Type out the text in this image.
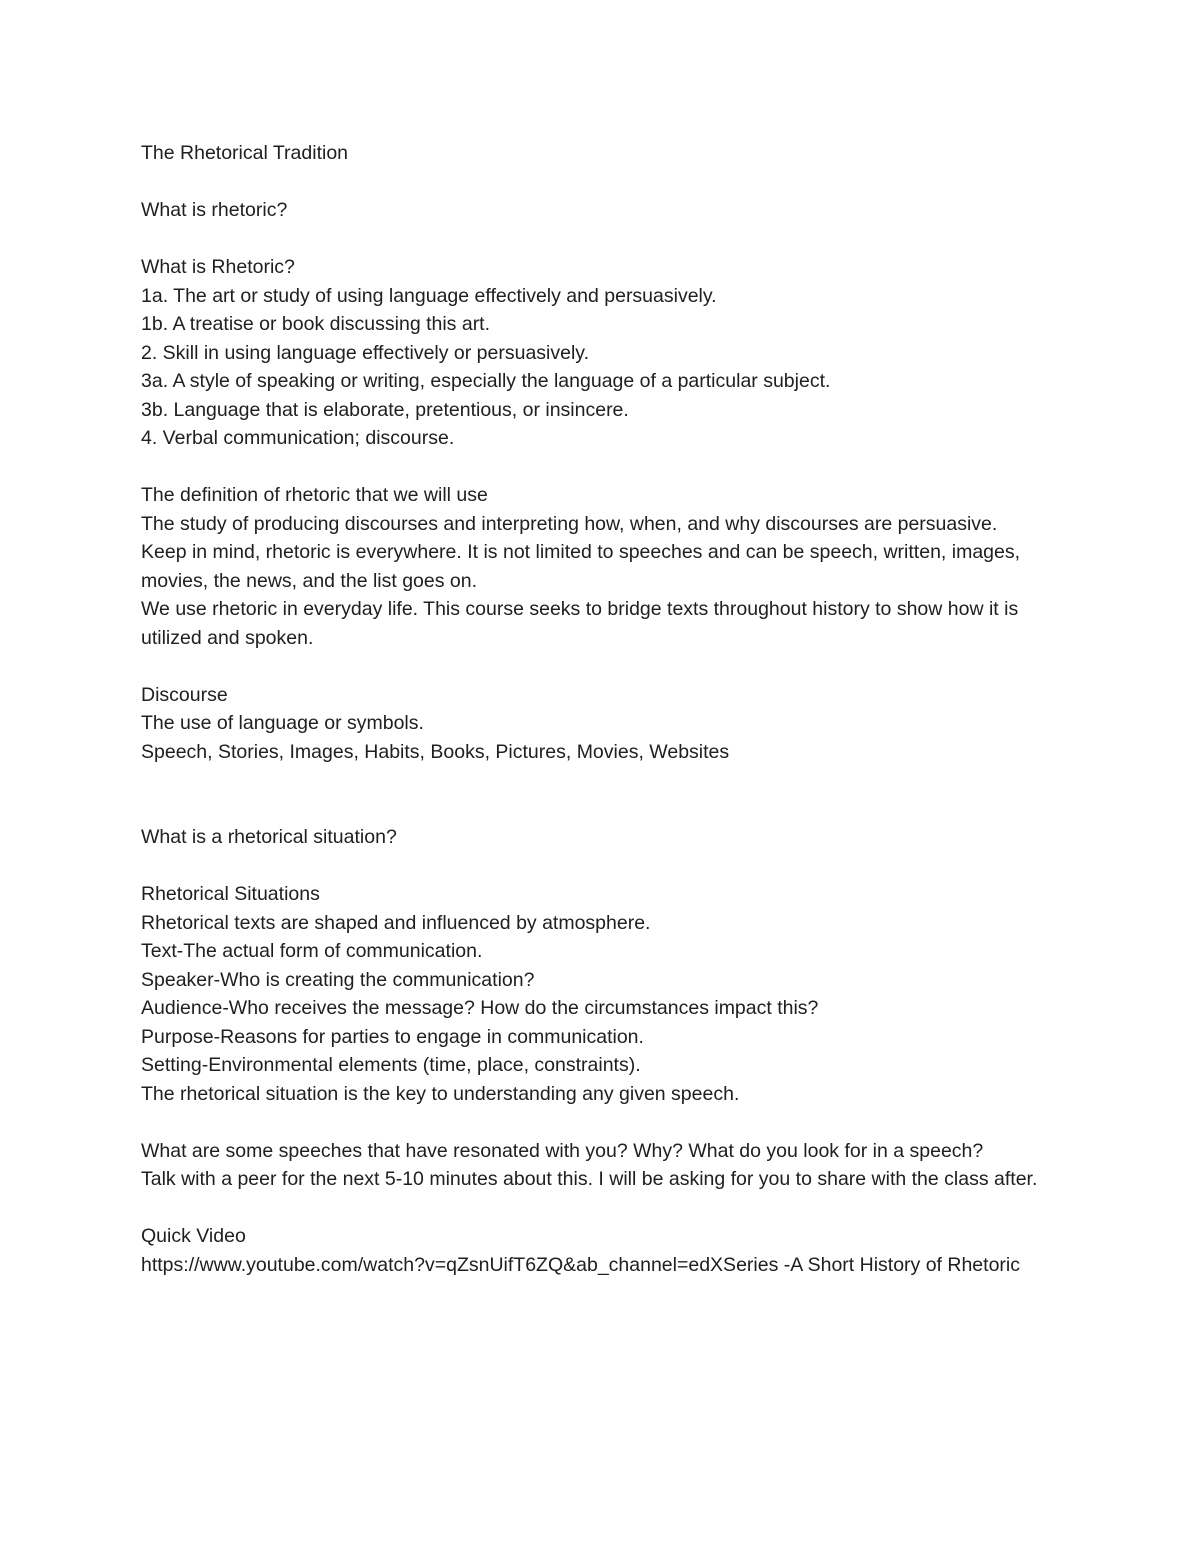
The Rhetorical Tradition

What is rhetoric?

What is Rhetoric?

1a. The art or study of using language effectively and persuasively.

1b. A treatise or book discussing this art.

2. Skill in using language effectively or persuasively.

3a. A style of speaking or writing, especially the language of a particular subject.

3b. Language that is elaborate, pretentious, or insincere.

4. Verbal communication; discourse.

The definition of rhetoric that we will use

The study of producing discourses and interpreting how, when, and why discourses are persuasive.

Keep in mind, rhetoric is everywhere. It is not limited to speeches and can be speech, written, images, movies, the news, and the list goes on.

We use rhetoric in everyday life. This course seeks to bridge texts throughout history to show how it is utilized and spoken.

Discourse

The use of language or symbols.

Speech, Stories, Images, Habits, Books, Pictures, Movies, Websites

What is a rhetorical situation?

Rhetorical Situations

Rhetorical texts are shaped and influenced by atmosphere.

Text-The actual form of communication.

Speaker-Who is creating the communication?

Audience-Who receives the message? How do the circumstances impact this?

Purpose-Reasons for parties to engage in communication.

Setting-Environmental elements (time, place, constraints).

The rhetorical situation is the key to understanding any given speech.

What are some speeches that have resonated with you? Why? What do you look for in a speech?

Talk with a peer for the next 5-10 minutes about this. I will be asking for you to share with the class after.

Quick Video

https://www.youtube.com/watch?v=qZsnUifT6ZQ&ab_channel=edXSeries -A Short History of Rhetoric
